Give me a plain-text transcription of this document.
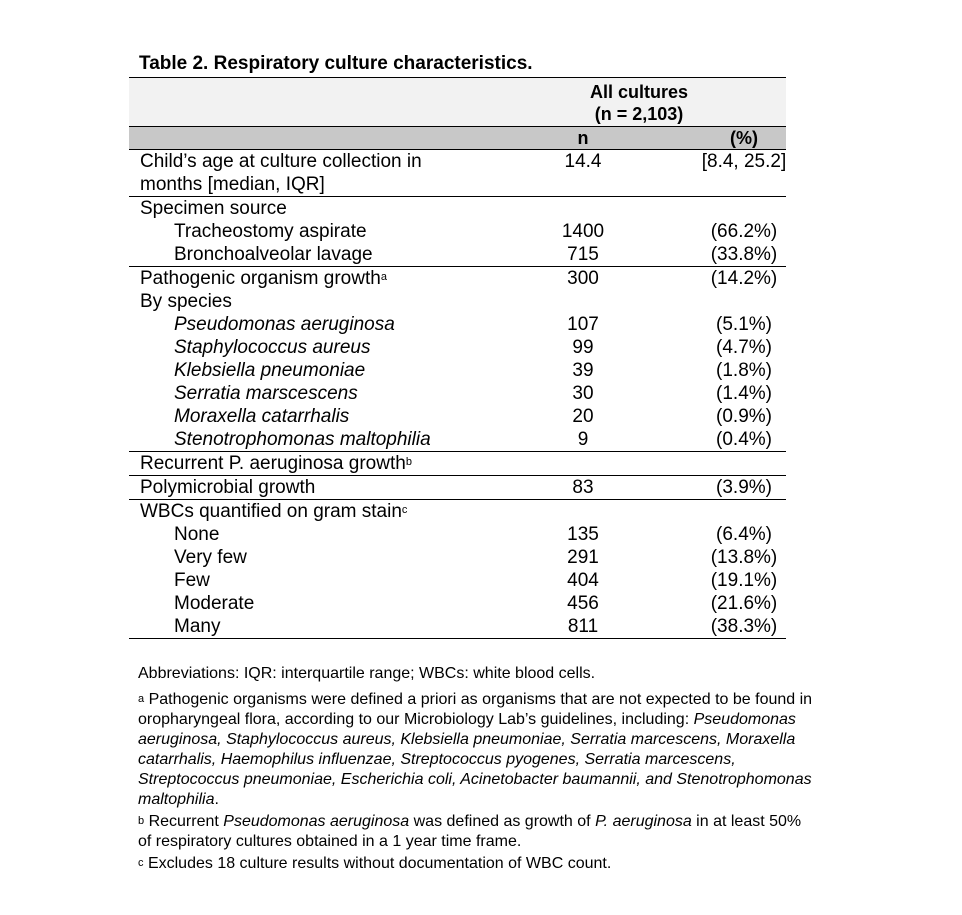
Table 2. Respiratory culture characteristics.
All cultures
(n = 2,103)
n	(%)
Child’s age at culture collection in months [median, IQR]
14.4	[8.4, 25.2]
Specimen source
Tracheostomy aspirate	1400	(66.2%)
Bronchoalveolar lavage	715	(33.8%)
Pathogenic organism growth$^a$	300	(14.2%)
By species
Pseudomonas aeruginosa	107	(5.1%)
Staphylococcus aureus	99	(4.7%)
Klebsiella pneumoniae	39	(1.8%)
Serratia marscescens	30	(1.4%)
Moraxella catarrhalis	20	(0.9%)
Stenotrophomonas maltophilia	9	(0.4%)
Recurrent P. aeruginosa growth$^b$
Polymicrobial growth	83	(3.9%)
WBCs quantified on gram stain$^c$
None	135	(6.4%)
Very few	291	(13.8%)
Few	404	(19.1%)
Moderate	456	(21.6%)
Many	811	(38.3%)

Abbreviations: IQR: interquartile range; WBCs: white blood cells.

$^a$ Pathogenic organisms were defined a priori as organisms that are not expected to be found in oropharyngeal flora, according to our Microbiology Lab’s guidelines, including: Pseudomonas aeruginosa, Staphylococcus aureus, Klebsiella pneumoniae, Serratia marcescens, Moraxella catarrhalis, Haemophilus influenzae, Streptococcus pyogenes, Serratia marcescens, Streptococcus pneumoniae, Escherichia coli, Acinetobacter baumannii, and Stenotrophomonas maltophilia.

$^b$ Recurrent Pseudomonas aeruginosa was defined as growth of P. aeruginosa in at least 50% of respiratory cultures obtained in a 1 year time frame.

$^c$ Excludes 18 culture results without documentation of WBC count.
